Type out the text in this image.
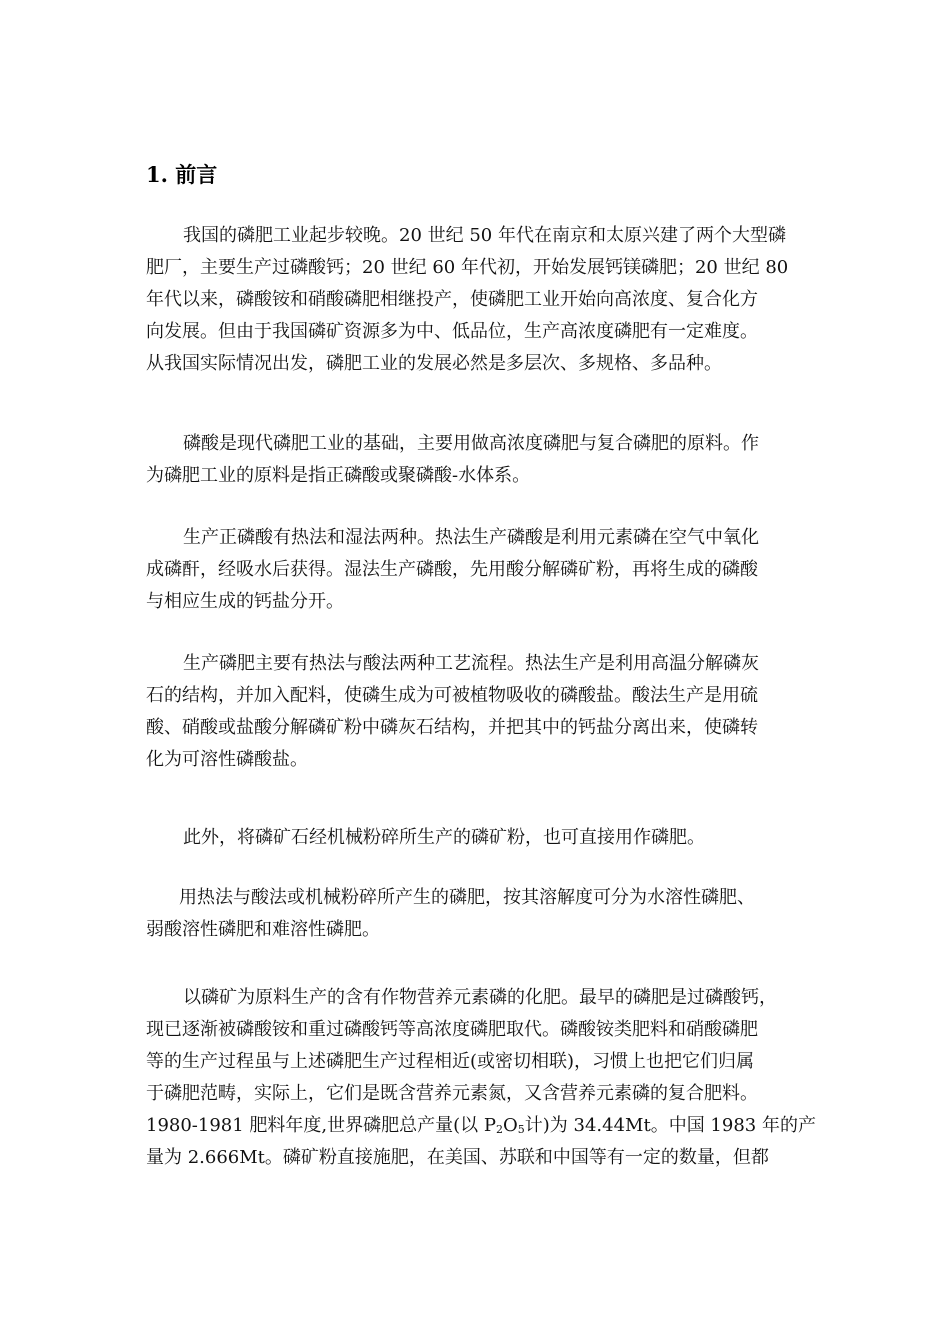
1. 前言
我国的磷肥工业起步较晚。20 世纪 50 年代在南京和太原兴建了两个大型磷
肥厂，主要生产过磷酸钙；20 世纪 60 年代初，开始发展钙镁磷肥；20 世纪 80
年代以来，磷酸铵和硝酸磷肥相继投产，使磷肥工业开始向高浓度、复合化方
向发展。但由于我国磷矿资源多为中、低品位，生产高浓度磷肥有一定难度。
从我国实际情况出发，磷肥工业的发展必然是多层次、多规格、多品种。
磷酸是现代磷肥工业的基础，主要用做高浓度磷肥与复合磷肥的原料。作
为磷肥工业的原料是指正磷酸或聚磷酸-水体系。
生产正磷酸有热法和湿法两种。热法生产磷酸是利用元素磷在空气中氧化
成磷酐，经吸水后获得。湿法生产磷酸，先用酸分解磷矿粉，再将生成的磷酸
与相应生成的钙盐分开。
生产磷肥主要有热法与酸法两种工艺流程。热法生产是利用高温分解磷灰
石的结构，并加入配料，使磷生成为可被植物吸收的磷酸盐。酸法生产是用硫
酸、硝酸或盐酸分解磷矿粉中磷灰石结构，并把其中的钙盐分离出来，使磷转
化为可溶性磷酸盐。
此外，将磷矿石经机械粉碎所生产的磷矿粉，也可直接用作磷肥。
用热法与酸法或机械粉碎所产生的磷肥，按其溶解度可分为水溶性磷肥、
弱酸溶性磷肥和难溶性磷肥。
以磷矿为原料生产的含有作物营养元素磷的化肥。最早的磷肥是过磷酸钙，
现已逐渐被磷酸铵和重过磷酸钙等高浓度磷肥取代。磷酸铵类肥料和硝酸磷肥
等的生产过程虽与上述磷肥生产过程相近(或密切相联)，习惯上也把它们归属
于磷肥范畴，实际上，它们是既含营养元素氮，又含营养元素磷的复合肥料。
1980-1981 肥料年度,世界磷肥总产量(以 $P_2O_5$计)为 34.44Mt。中国 1983 年的产
量为 2.666Mt。磷矿粉直接施肥，在美国、苏联和中国等有一定的数量，但都
